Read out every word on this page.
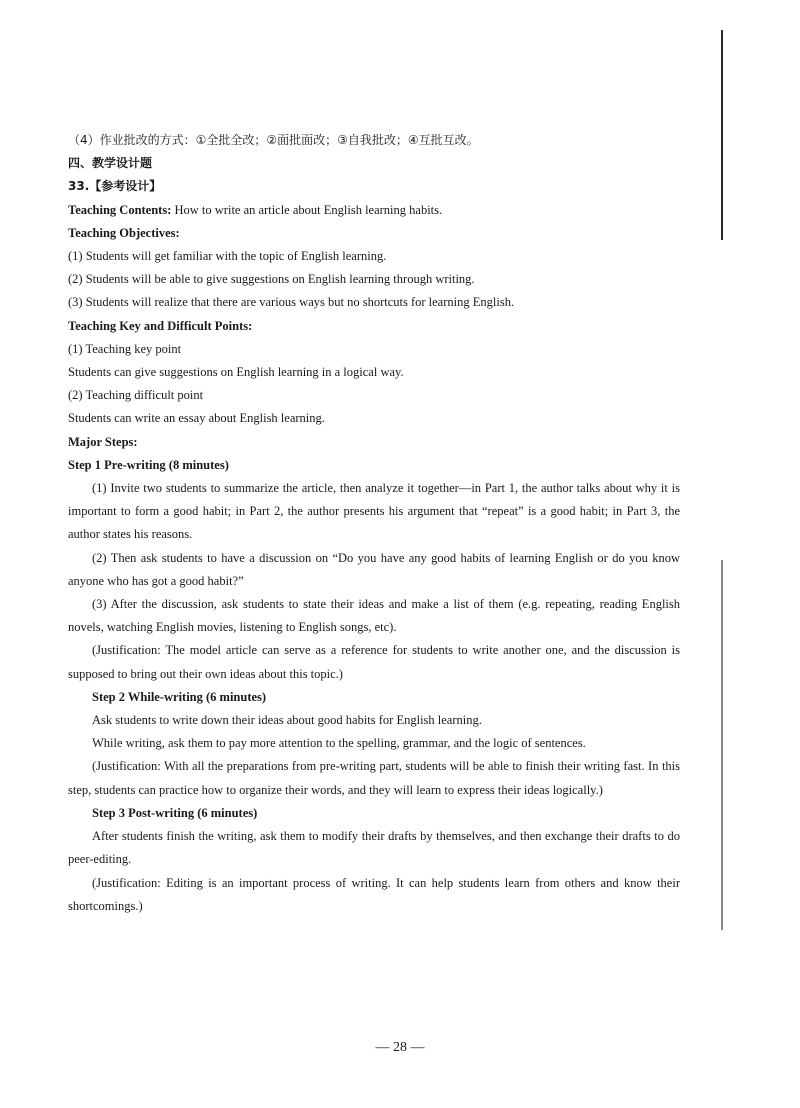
（4）作业批改的方式：①全批全改；②面批面改；③自我批改；④互批互改。
四、教学设计题
33.【参考设计】
Teaching Contents: How to write an article about English learning habits.
Teaching Objectives:
(1) Students will get familiar with the topic of English learning.
(2) Students will be able to give suggestions on English learning through writing.
(3) Students will realize that there are various ways but no shortcuts for learning English.
Teaching Key and Difficult Points:
(1) Teaching key point
Students can give suggestions on English learning in a logical way.
(2) Teaching difficult point
Students can write an essay about English learning.
Major Steps:
Step 1 Pre-writing (8 minutes)

(1) Invite two students to summarize the article, then analyze it together—in Part 1, the author talks about why it is important to form a good habit; in Part 2, the author presents his argument that “repeat” is a good habit; in Part 3, the author states his reasons.

(2) Then ask students to have a discussion on “Do you have any good habits of learning English or do you know anyone who has got a good habit?”

(3) After the discussion, ask students to state their ideas and make a list of them (e.g. repeating, reading English novels, watching English movies, listening to English songs, etc).

(Justification: The model article can serve as a reference for students to write another one, and the discussion is supposed to bring out their own ideas about this topic.)

Step 2 While-writing (6 minutes)

Ask students to write down their ideas about good habits for English learning.

While writing, ask them to pay more attention to the spelling, grammar, and the logic of sentences.

(Justification: With all the preparations from pre-writing part, students will be able to finish their writing fast. In this step, students can practice how to organize their words, and they will learn to express their ideas logically.)

Step 3 Post-writing (6 minutes)

After students finish the writing, ask them to modify their drafts by themselves, and then exchange their drafts to do peer-editing.

(Justification: Editing is an important process of writing. It can help students learn from others and know their shortcomings.)

— 28 —
